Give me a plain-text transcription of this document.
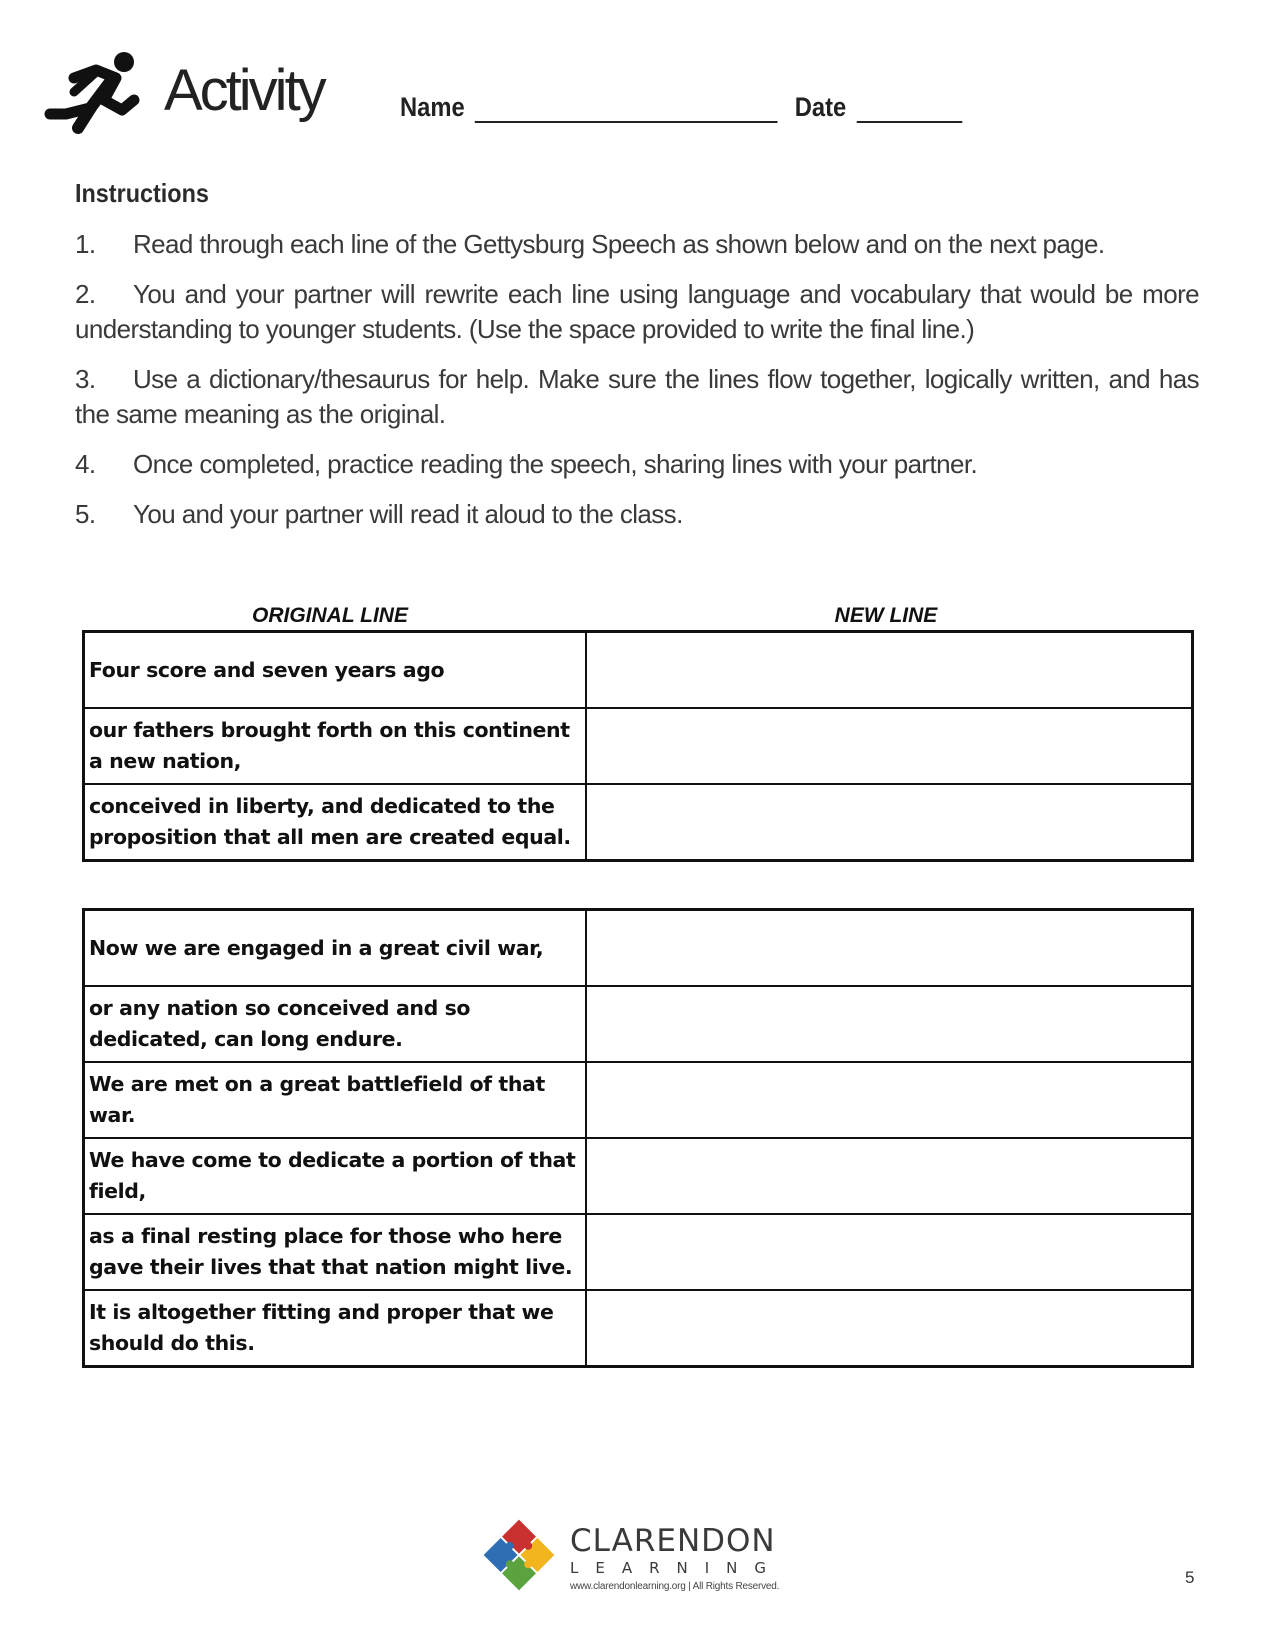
Activity	Name	Date
Instructions

1. Read through each line of the Gettysburg Speech as shown below and on the next page.

2. You and your partner will rewrite each line using language and vocabulary that would be more understanding to younger students. (Use the space provided to write the final line.)

3. Use a dictionary/thesaurus for help. Make sure the lines flow together, logically written, and has the same meaning as the original.

4. Once completed, practice reading the speech, sharing lines with your partner.

5. You and your partner will read it aloud to the class.

ORIGINAL LINE	NEW LINE
Four score and seven years ago	
our fathers brought forth on this continent a new nation,	
conceived in liberty, and dedicated to the proposition that all men are created equal.	
Now we are engaged in a great civil war,	
or any nation so conceived and so dedicated, can long endure.	
We are met on a great battlefield of that war.	
We have come to dedicate a portion of that field,	
as a final resting place for those who here gave their lives that that nation might live.	
It is altogether fitting and proper that we should do this.	
CLARENDON
LEARNING
www.clarendonlearning.org | All Rights Reserved.	5
